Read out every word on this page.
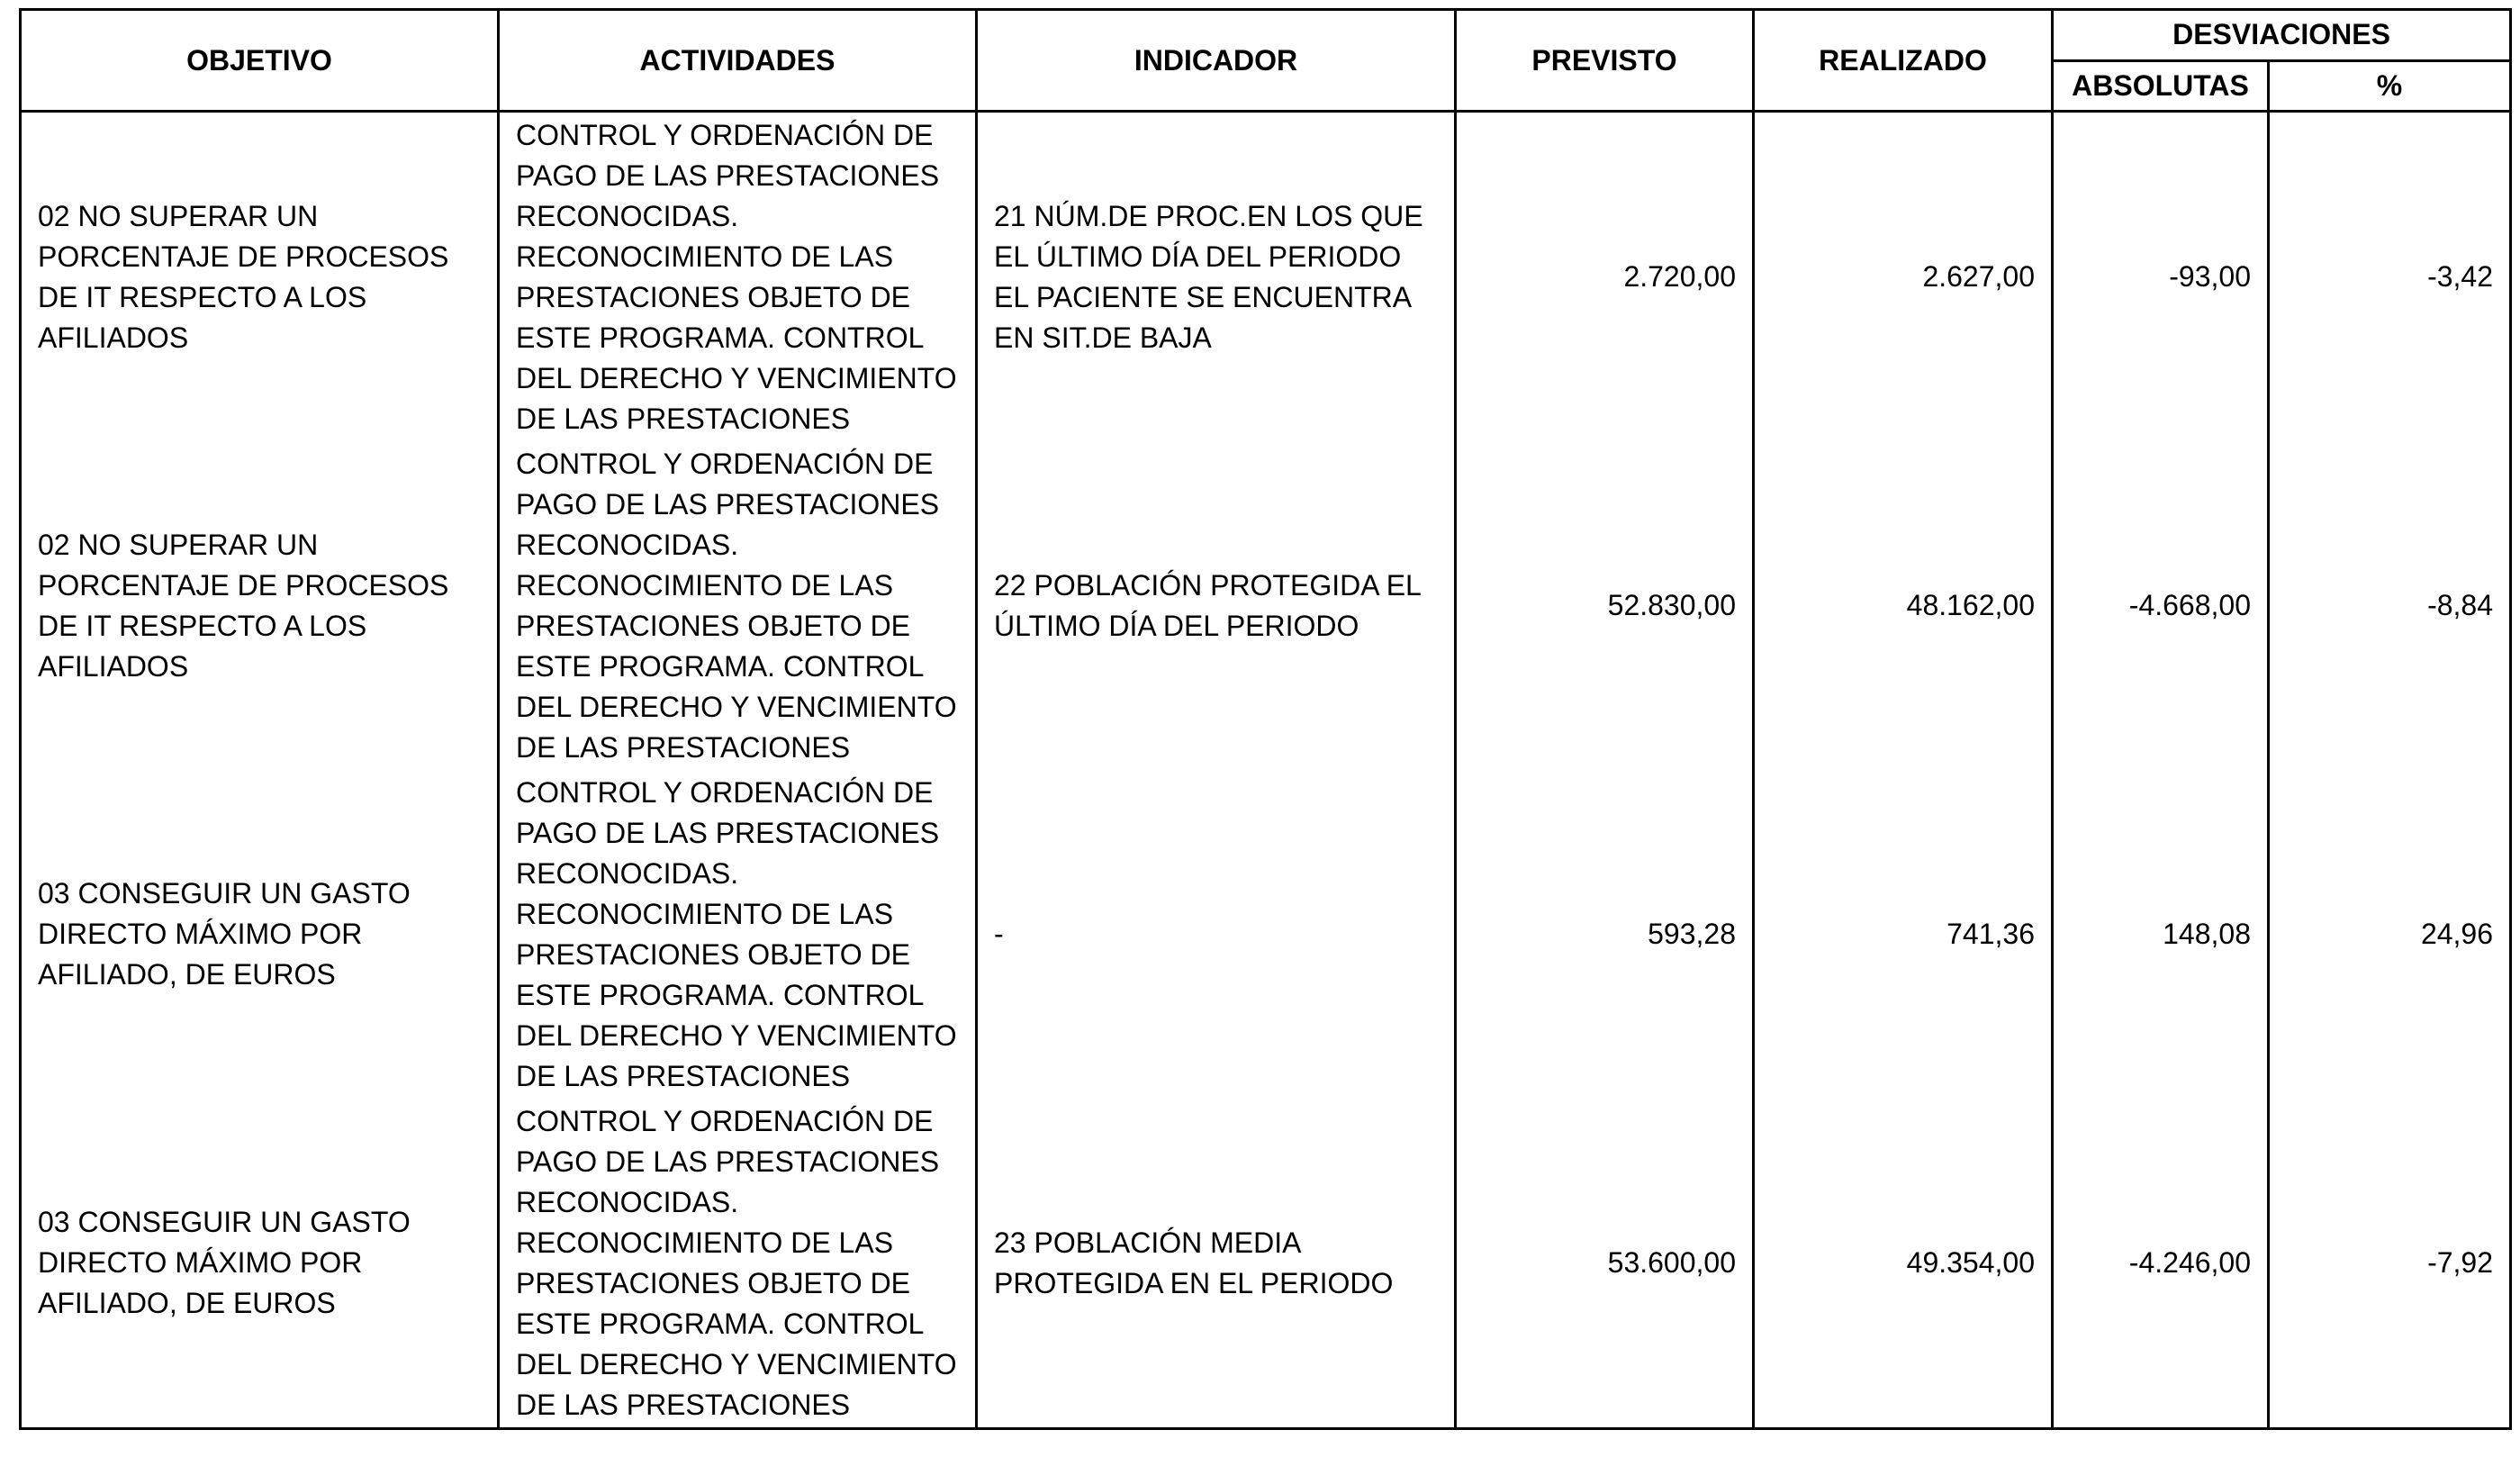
OBJETIVO	ACTIVIDADES	INDICADOR	PREVISTO	REALIZADO	DESVIACIONES	
					ABSOLUTAS	%
02 NO SUPERAR UN PORCENTAJE DE PROCESOS DE IT RESPECTO A LOS AFILIADOS	CONTROL Y ORDENACIÓN DE PAGO DE LAS PRESTACIONES RECONOCIDAS. RECONOCIMIENTO DE LAS PRESTACIONES OBJETO DE ESTE PROGRAMA. CONTROL DEL DERECHO Y VENCIMIENTO DE LAS PRESTACIONES	21 NÚM.DE PROC.EN LOS QUE EL ÚLTIMO DÍA DEL PERIODO EL PACIENTE SE ENCUENTRA EN SIT.DE BAJA	2.720,00	2.627,00	-93,00	-3,42
02 NO SUPERAR UN PORCENTAJE DE PROCESOS DE IT RESPECTO A LOS AFILIADOS	CONTROL Y ORDENACIÓN DE PAGO DE LAS PRESTACIONES RECONOCIDAS. RECONOCIMIENTO DE LAS PRESTACIONES OBJETO DE ESTE PROGRAMA. CONTROL DEL DERECHO Y VENCIMIENTO DE LAS PRESTACIONES	22 POBLACIÓN PROTEGIDA EL ÚLTIMO DÍA DEL PERIODO	52.830,00	48.162,00	-4.668,00	-8,84
03 CONSEGUIR UN GASTO DIRECTO MÁXIMO POR AFILIADO, DE EUROS	CONTROL Y ORDENACIÓN DE PAGO DE LAS PRESTACIONES RECONOCIDAS. RECONOCIMIENTO DE LAS PRESTACIONES OBJETO DE ESTE PROGRAMA. CONTROL DEL DERECHO Y VENCIMIENTO DE LAS PRESTACIONES	-	593,28	741,36	148,08	24,96
03 CONSEGUIR UN GASTO DIRECTO MÁXIMO POR AFILIADO, DE EUROS	CONTROL Y ORDENACIÓN DE PAGO DE LAS PRESTACIONES RECONOCIDAS. RECONOCIMIENTO DE LAS PRESTACIONES OBJETO DE ESTE PROGRAMA. CONTROL DEL DERECHO Y VENCIMIENTO DE LAS PRESTACIONES	23 POBLACIÓN MEDIA PROTEGIDA EN EL PERIODO	53.600,00	49.354,00	-4.246,00	-7,92
